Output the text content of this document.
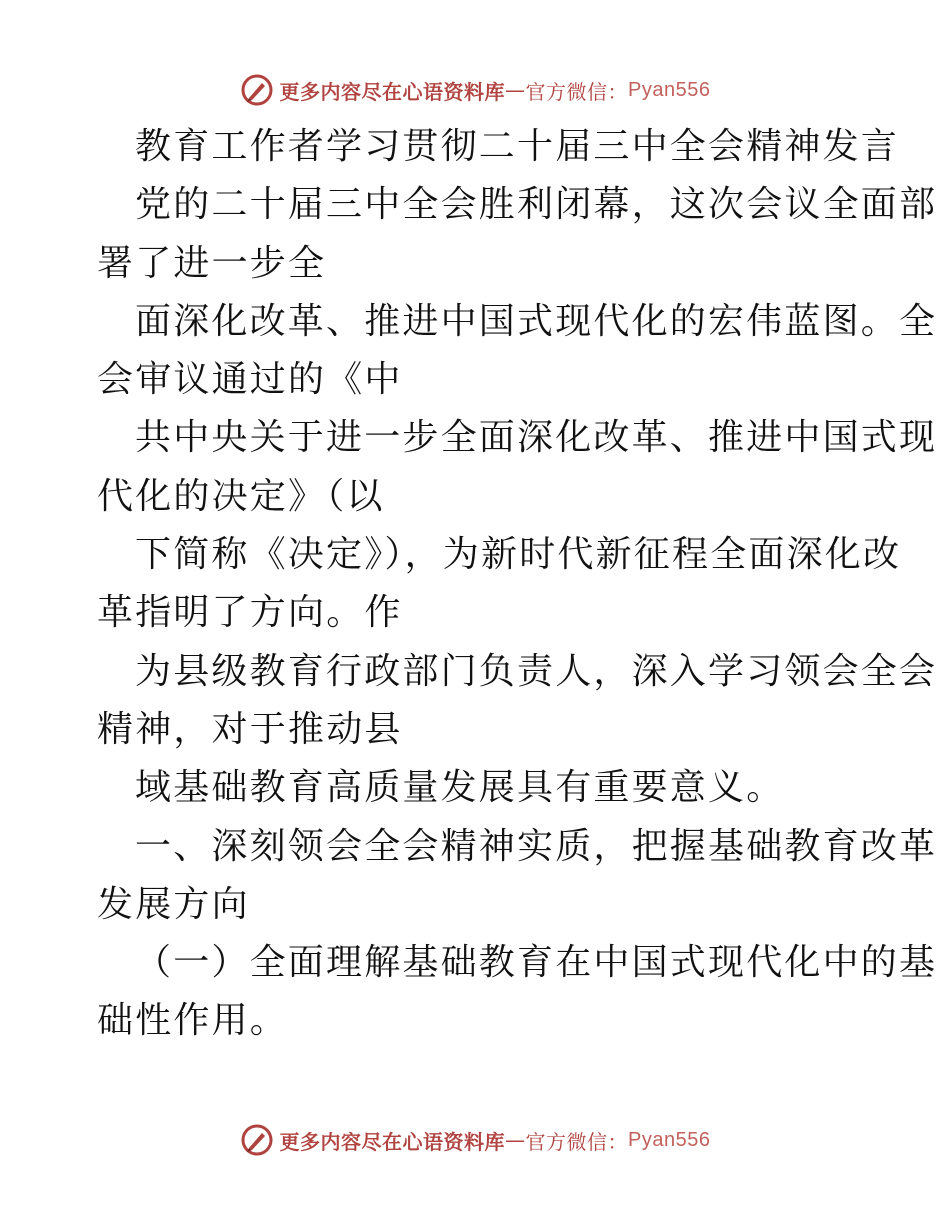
更多内容尽在心语资料库 — 官方微信： Pyan556
教育工作者学习贯彻二十届三中全会精神发言
党的二十届三中全会胜利闭幕，这次会议全面部
署了进一步全
面深化改革、推进中国式现代化的宏伟蓝图。全
会审议通过的《中
共中央关于进一步全面深化改革、推进中国式现
代化的决定》（以
下简称《决定》），为新时代新征程全面深化改
革指明了方向。作
为县级教育行政部门负责人，深入学习领会全会
精神，对于推动县
域基础教育高质量发展具有重要意义。
一、深刻领会全会精神实质，把握基础教育改革
发展方向
（一）全面理解基础教育在中国式现代化中的基
础性作用。
更多内容尽在心语资料库 — 官方微信： Pyan556
